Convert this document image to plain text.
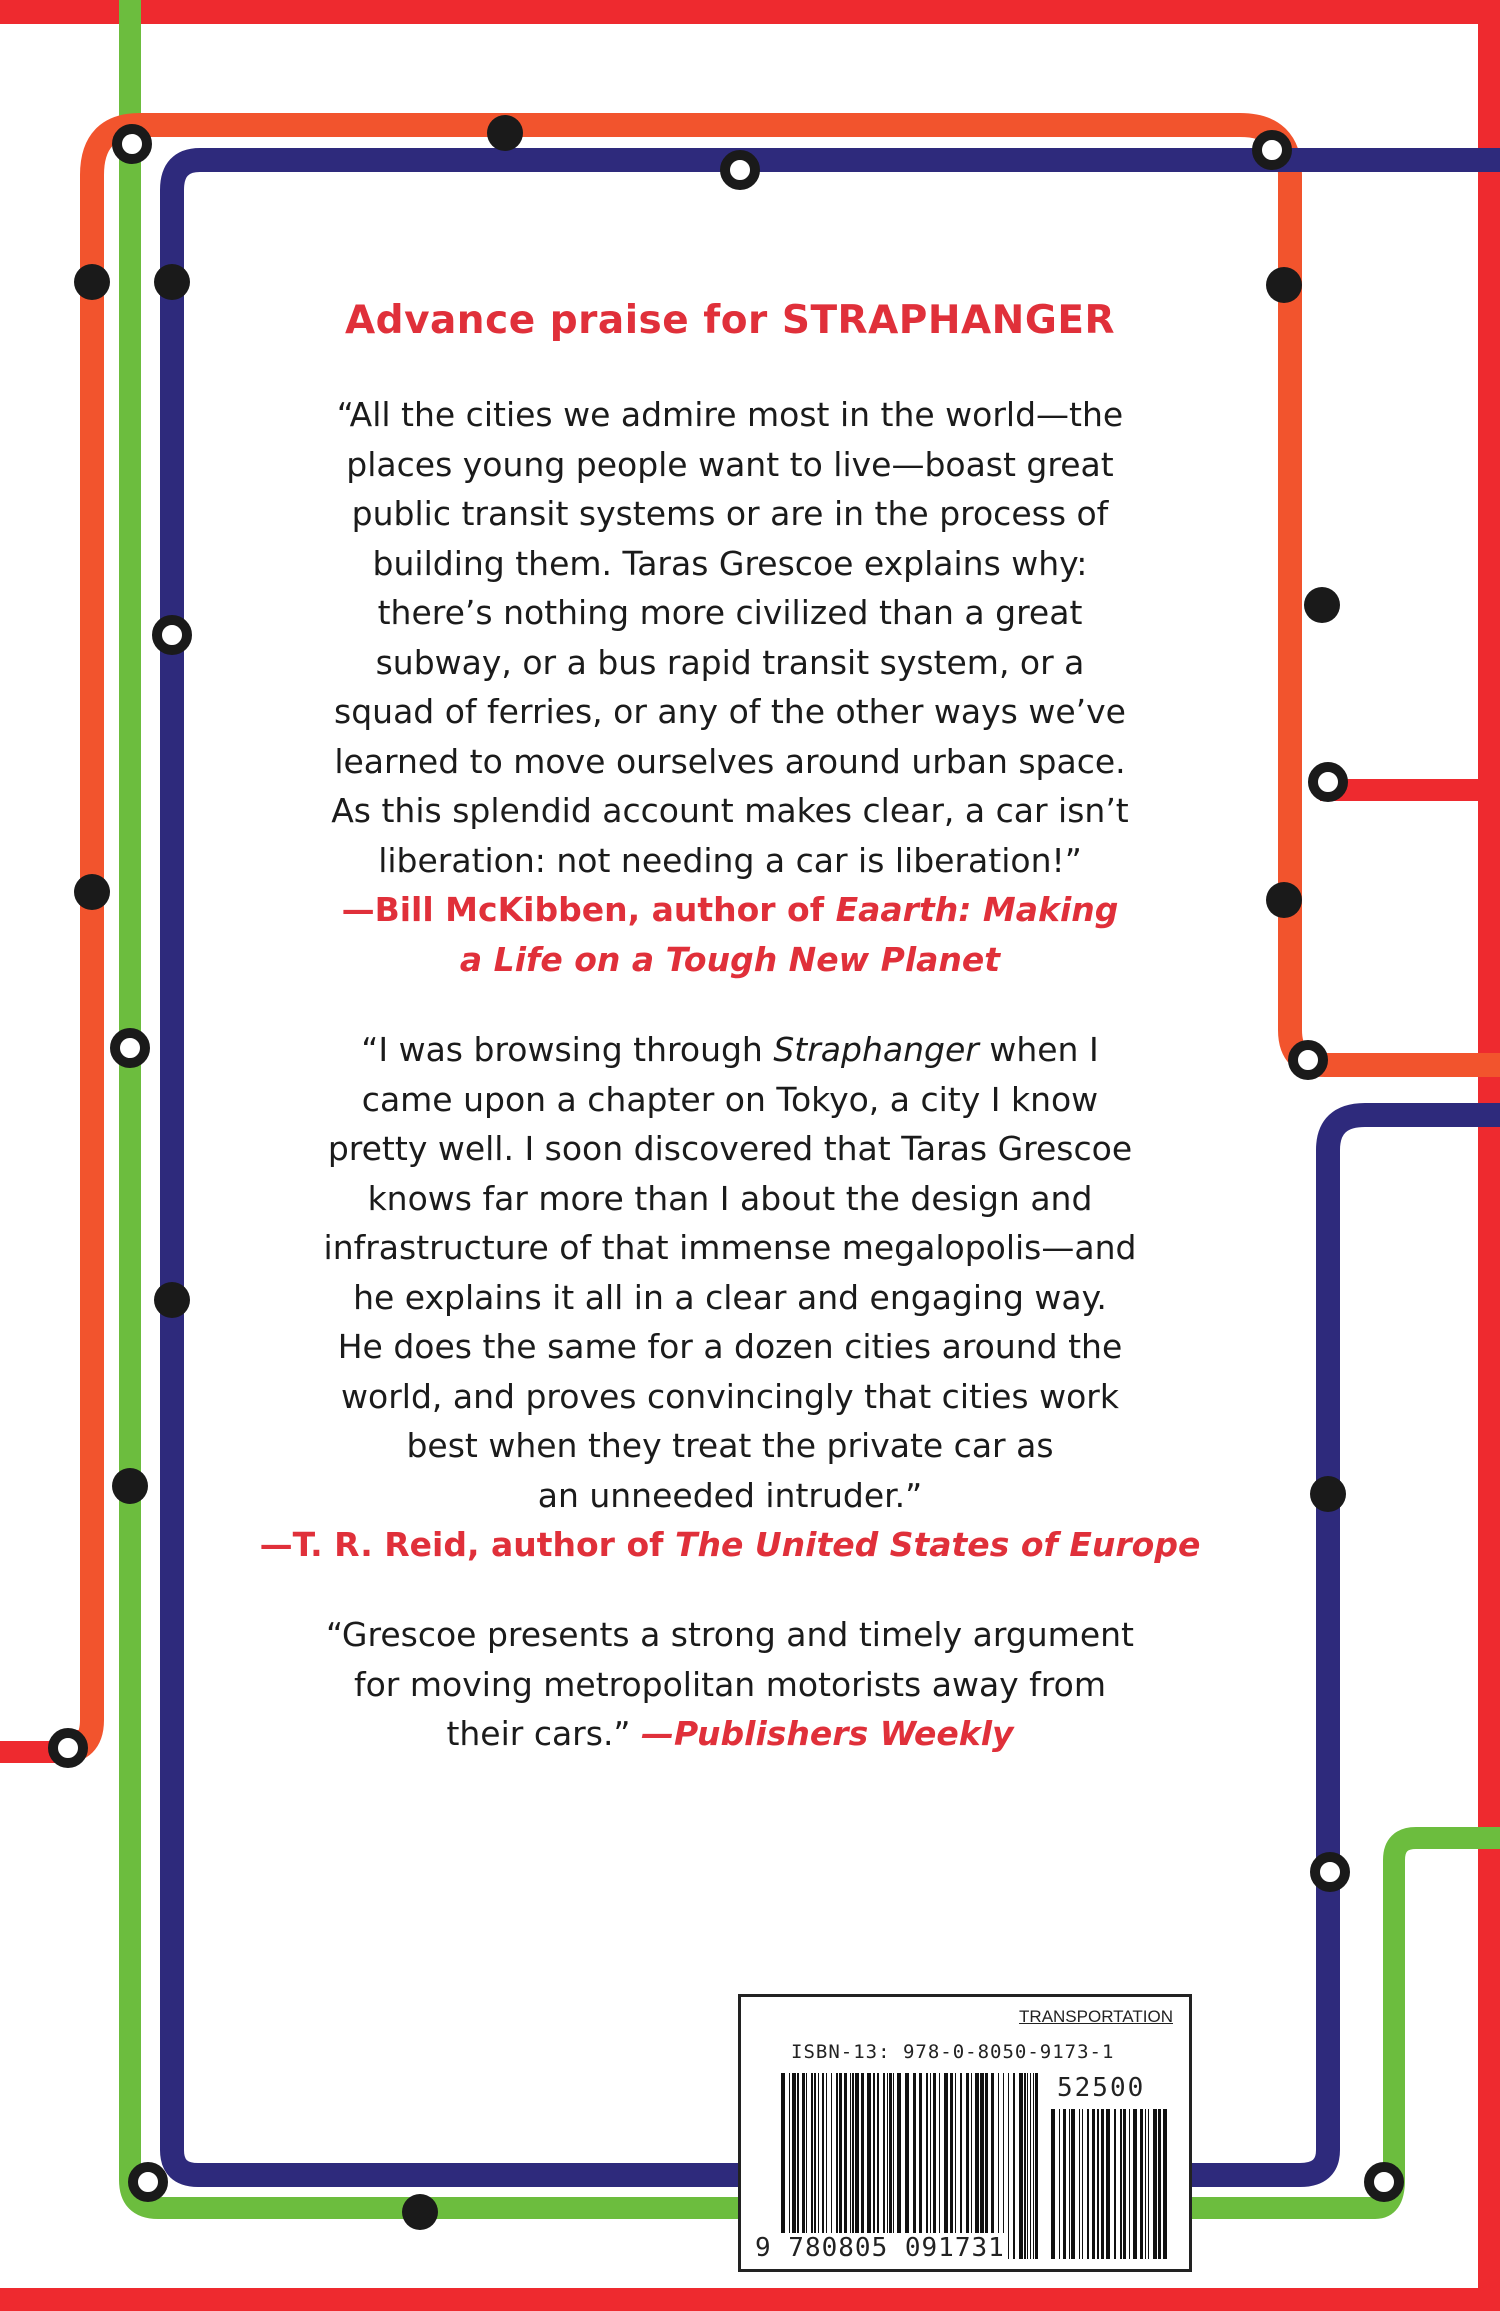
Advance praise for STRAPHANGER
“All the cities we admire most in the world—the
places young people want to live—boast great
public transit systems or are in the process of
building them. Taras Grescoe explains why:
there’s nothing more civilized than a great
subway, or a bus rapid transit system, or a
squad of ferries, or any of the other ways we’ve
learned to move ourselves around urban space.
As this splendid account makes clear, a car isn’t
liberation: not needing a car is liberation!”
—Bill McKibben, author of Eaarth: Making
a Life on a Tough New Planet
“I was browsing through Straphanger when I
came upon a chapter on Tokyo, a city I know
pretty well. I soon discovered that Taras Grescoe
knows far more than I about the design and
infrastructure of that immense megalopolis—and
he explains it all in a clear and engaging way.
He does the same for a dozen cities around the
world, and proves convincingly that cities work
best when they treat the private car as
an unneeded intruder.”
—T. R. Reid, author of The United States of Europe
“Grescoe presents a strong and timely argument
for moving metropolitan motorists away from
their cars.” —Publishers Weekly
TRANSPORTATION
ISBN-13: 978-0-8050-9173-1
52500
9 780805 091731
